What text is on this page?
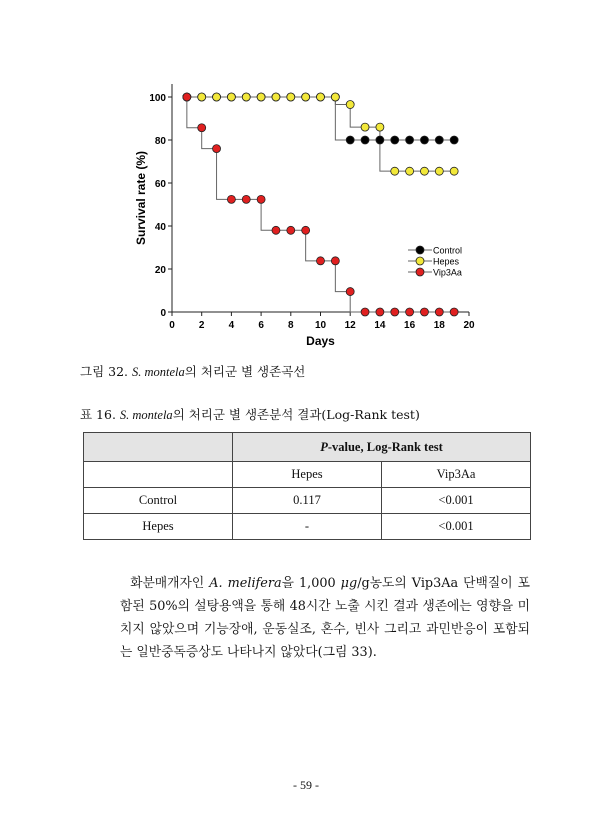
0 2 4 6 8 10 12 14 16 18 20
0
20
40
60
80
100
Days
Survival rate (%)
Control
Hepes
Vip3Aa
그림 32. S. montela의 처리군 별 생존곡선
표 16. S. montela의 처리군 별 생존분석 결과(Log-Rank test)
	P-value, Log-Rank test	
	Hepes	Vip3Aa
Control	0.117	<0.001
Hepes	-	<0.001

화분매개자인 A. melifera을 1,000 μg/g농도의 Vip3Aa 단백질이 포함된 50%의 설탕용액을 통해 48시간 노출 시킨 결과 생존에는 영향을 미치지 않았으며 기능장애, 운동실조, 혼수, 빈사 그리고 과민반응이 포함되는 일반중독증상도 나타나지 않았다(그림 33).

- 59 -
